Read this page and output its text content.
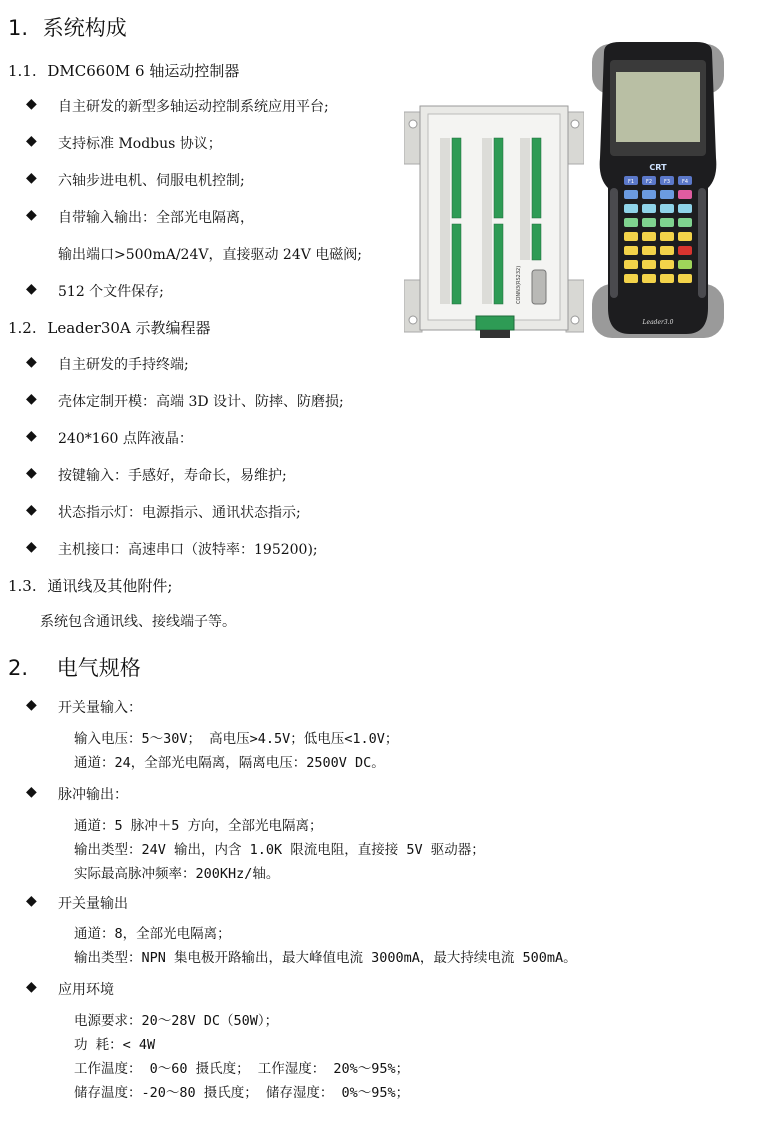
1. 系统构成
1.1. DMC660M 6 轴运动控制器
◆ 自主研发的新型多轴运动控制系统应用平台;
◆ 支持标准 Modbus 协议；
◆ 六轴步进电机、伺服电机控制;
◆ 自带输入输出：全部光电隔离，
输出端口>500mA/24V，直接驱动 24V 电磁阀;
◆ 512 个文件保存;
1.2. Leader30A 示教编程器
◆ 自主研发的手持终端;
◆ 壳体定制开模：高端 3D 设计、防摔、防磨损;
◆ 240*160 点阵液晶：
◆ 按键输入：手感好，寿命长，易维护;
◆ 状态指示灯：电源指示、通讯状态指示;
◆ 主机接口：高速串口（波特率：195200);
1.3. 通讯线及其他附件;
系统包含通讯线、接线端子等。
2. 电气规格
◆ 开关量输入：
输入电压：5～30V； 高电压>4.5V；低电压<1.0V；
通道：24，全部光电隔离，隔离电压：2500V DC。
◆ 脉冲输出：
通道：5 脉冲＋5 方向，全部光电隔离；
输出类型：24V 输出，内含 1.0K 限流电阻，直接接 5V 驱动器；
实际最高脉冲频率：200KHz/轴。
◆ 开关量输出
通道：8，全部光电隔离；
输出类型：NPN 集电极开路输出，最大峰值电流 3000mA，最大持续电流 500mA。
◆ 应用环境
电源要求：20～28V DC（50W）；
功 耗：< 4W
工作温度： 0～60 摄氏度； 工作湿度： 20%～95%；
储存温度：-20～80 摄氏度； 储存湿度： 0%～95%；
CONN3(RS232)
CRT
F1 F2 F3 F4
Leader3.0
